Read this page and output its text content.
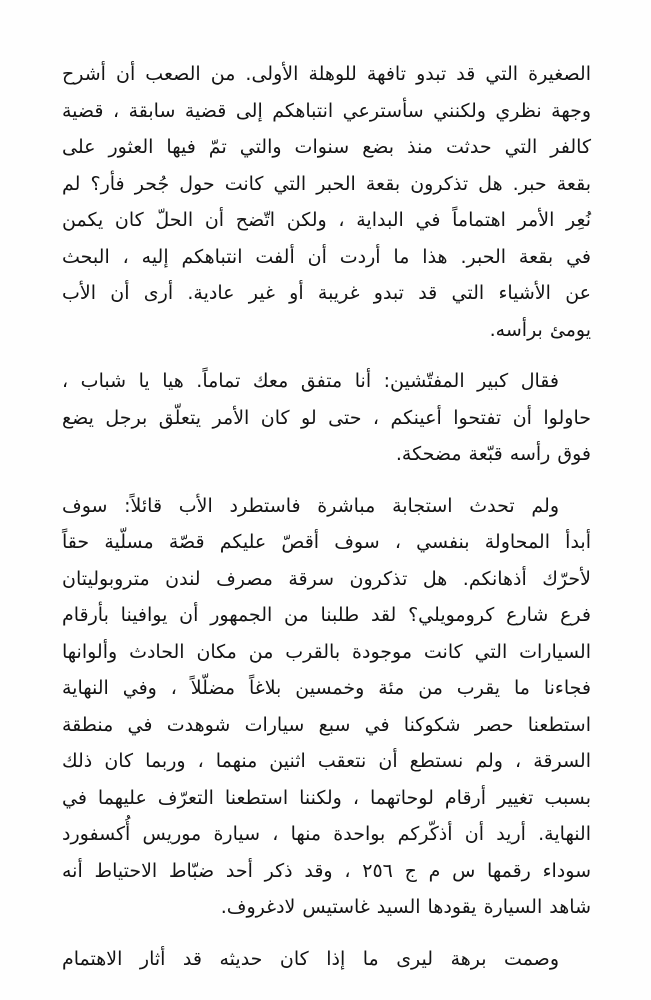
الصغيرة التي قد تبدو تافهة للوهلة الأولى. من الصعب أن أشرح
وجهة نظري ولكنني سأسترعي انتباهكم إلى قضية سابقة ، قضية
كالفر التي حدثت منذ بضع سنوات والتي تمّ فيها العثور على
بقعة حبر. هل تذكرون بقعة الحبر التي كانت حول جُحر فأر؟ لم
نُعِر الأمر اهتماماً في البداية ، ولكن اتّضح أن الحلّ كان يكمن
في بقعة الحبر. هذا ما أردت أن ألفت انتباهكم إليه ، البحث
عن الأشياء التي قد تبدو غريبة أو غير عادية. أرى أن الأب
يومئ برأسه.
فقال كبير المفتّشين: أنا متفق معك تماماً. هيا يا شباب ،
حاولوا أن تفتحوا أعينكم ، حتى لو كان الأمر يتعلّق برجل يضع
فوق رأسه قبّعة مضحكة.
ولم تحدث استجابة مباشرة فاستطرد الأب قائلاً: سوف
أبدأ المحاولة بنفسي ، سوف أقصّ عليكم قصّة مسلّية حقاً
لأحرّك أذهانكم. هل تذكرون سرقة مصرف لندن متروبوليتان
فرع شارع كرومويلي؟ لقد طلبنا من الجمهور أن يوافينا بأرقام
السيارات التي كانت موجودة بالقرب من مكان الحادث وألوانها
فجاءنا ما يقرب من مئة وخمسين بلاغاً مضلّلاً ، وفي النهاية
استطعنا حصر شكوكنا في سبع سيارات شوهدت في منطقة
السرقة ، ولم نستطع أن نتعقب اثنين منهما ، وربما كان ذلك
بسبب تغيير أرقام لوحاتهما ، ولكننا استطعنا التعرّف عليهما في
النهاية. أريد أن أذكّركم بواحدة منها ، سيارة موريس أُكسفورد
سوداء رقمها س م ج ٢٥٦ ، وقد ذكر أحد ضبّاط الاحتياط أنه
شاهد السيارة يقودها السيد غاستيس لادغروف.
وصمت برهة ليرى ما إذا كان حديثه قد أثار الاهتمام
